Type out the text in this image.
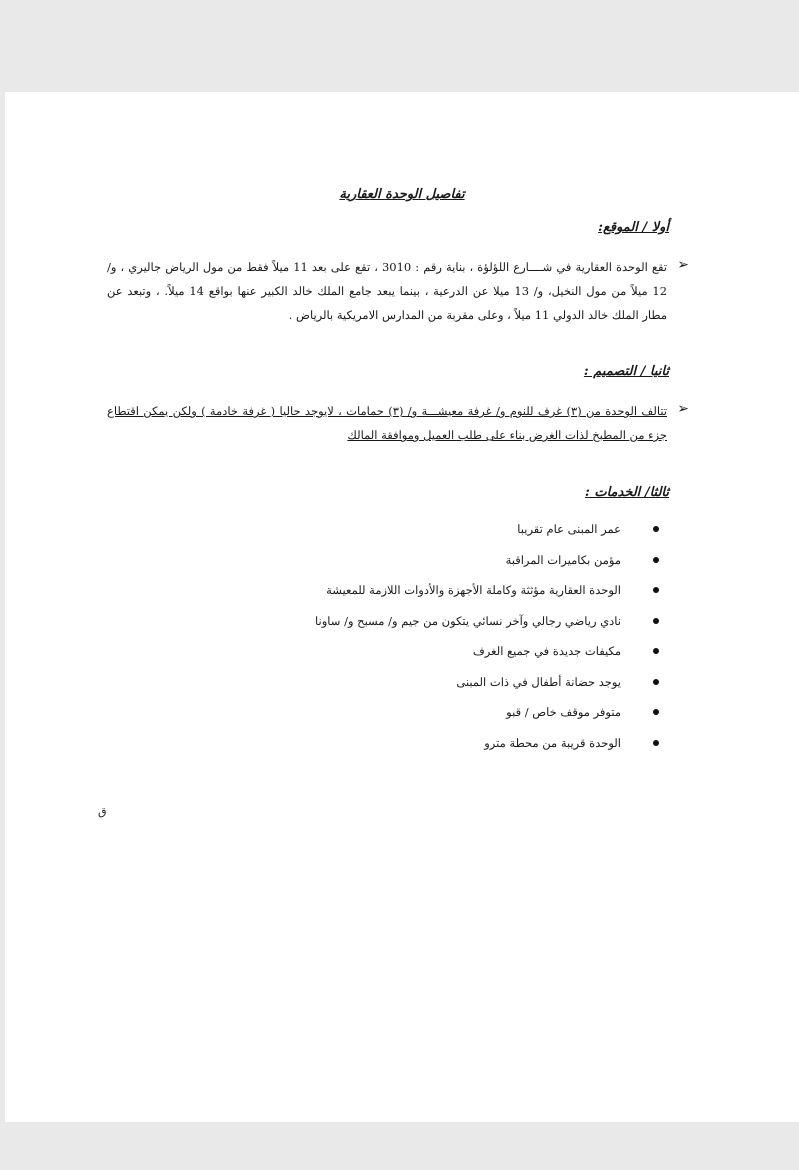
تفاصيل الوحدة العقارية
أولا / الموقع:
➢
تقع الوحدة العقارية في شــــارع اللؤلؤة ، بناية رقم : 3010 ، تقع على بعد 11 ميلاً فقط من مول الرياض جاليري ، و/ 12 ميلاً من مول النخيل، و/ 13 ميلا عن الدرعية ، بينما يبعد جامع الملك خالد الكبير عنها بواقع 14 ميلاً. ، وتبعد عن مطار الملك خالد الدولي 11 ميلاً ، وعلى مقربة من المدارس الامريكية بالرياض .
ثانيا / التصميم :
➢
تتالف الوحدة من (٣) غرف للنوم و/ غرفة معيشـــة و/ (٣) حمامات ، لايوجد حاليا ( غرفة خادمة ) ولكن يمكن اقتطاع جزء من المطبخ لذات الغرض بناء على طلب العميل وموافقة المالك
ثالثا/ الخدمات :
عمر المبنى عام تقريبا
مؤمن بكاميرات المراقبة
الوحدة العقارية مؤثثة وكاملة الأجهزة والأدوات اللازمة للمعيشة
نادي رياضي رجالي وآخر نسائي يتكون من جيم و/ مسبح و/ ساونا
مكيفات جديدة في جميع الغرف
يوجد حضانة أطفال في ذات المبنى
متوفر موقف خاص / قبو
الوحدة قريبة من محطة مترو
ق
